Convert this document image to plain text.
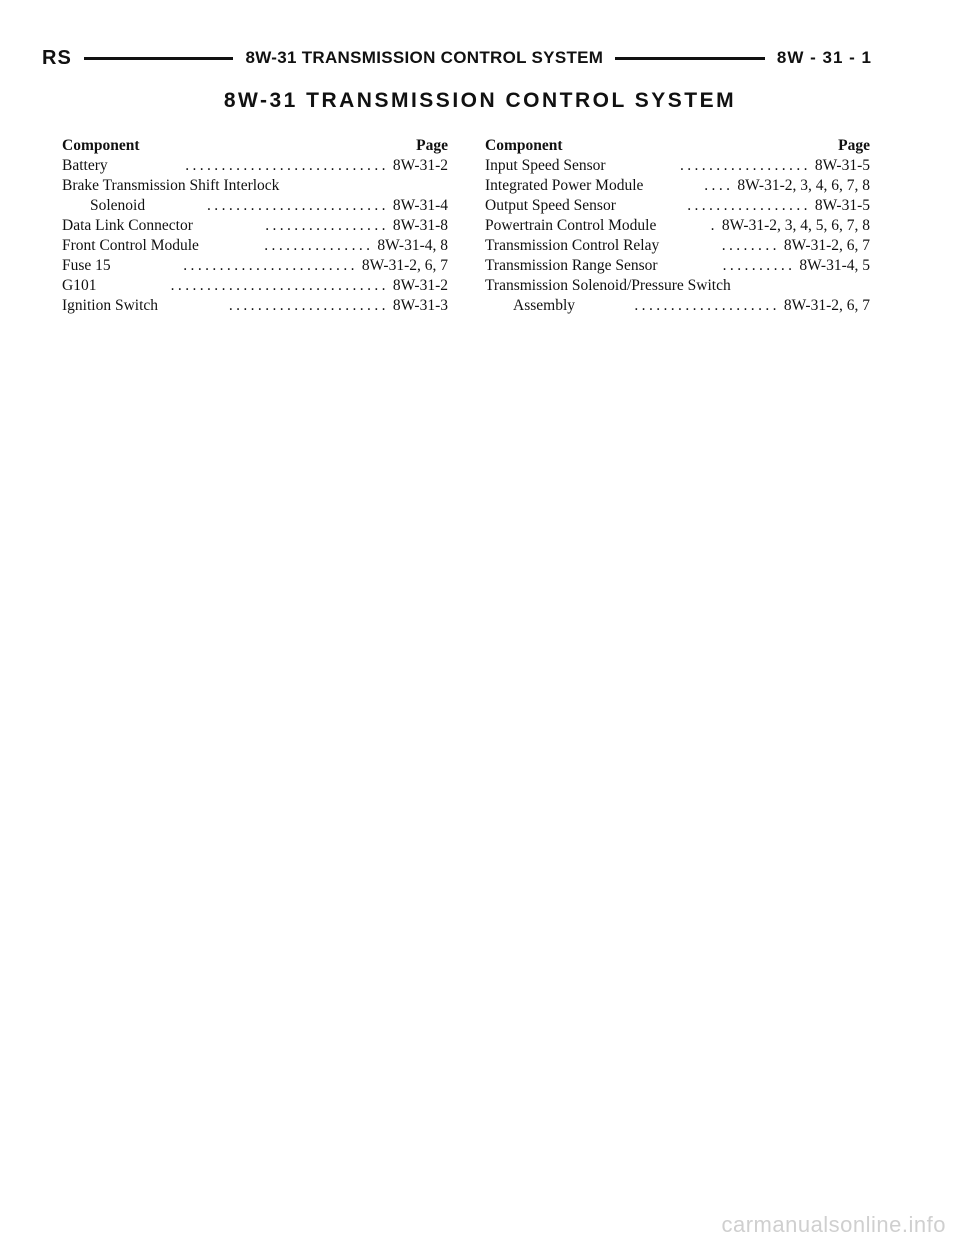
RS	8W-31 TRANSMISSION CONTROL SYSTEM	8W - 31 - 1
8W-31 TRANSMISSION CONTROL SYSTEM
Component	Page
Battery	............................ 8W-31-2
Brake Transmission Shift Interlock
Solenoid	......................... 8W-31-4
Data Link Connector	................. 8W-31-8
Front Control Module	............... 8W-31-4, 8
Fuse 15	........................ 8W-31-2, 6, 7
G101	.............................. 8W-31-2
Ignition Switch	...................... 8W-31-3
Component	Page
Input Speed Sensor	.................. 8W-31-5
Integrated Power Module	.... 8W-31-2, 3, 4, 6, 7, 8
Output Speed Sensor	................. 8W-31-5
Powertrain Control Module	. 8W-31-2, 3, 4, 5, 6, 7, 8
Transmission Control Relay	........ 8W-31-2, 6, 7
Transmission Range Sensor	.......... 8W-31-4, 5
Transmission Solenoid/Pressure Switch
Assembly	.................... 8W-31-2, 6, 7
carmanualsonline.info
